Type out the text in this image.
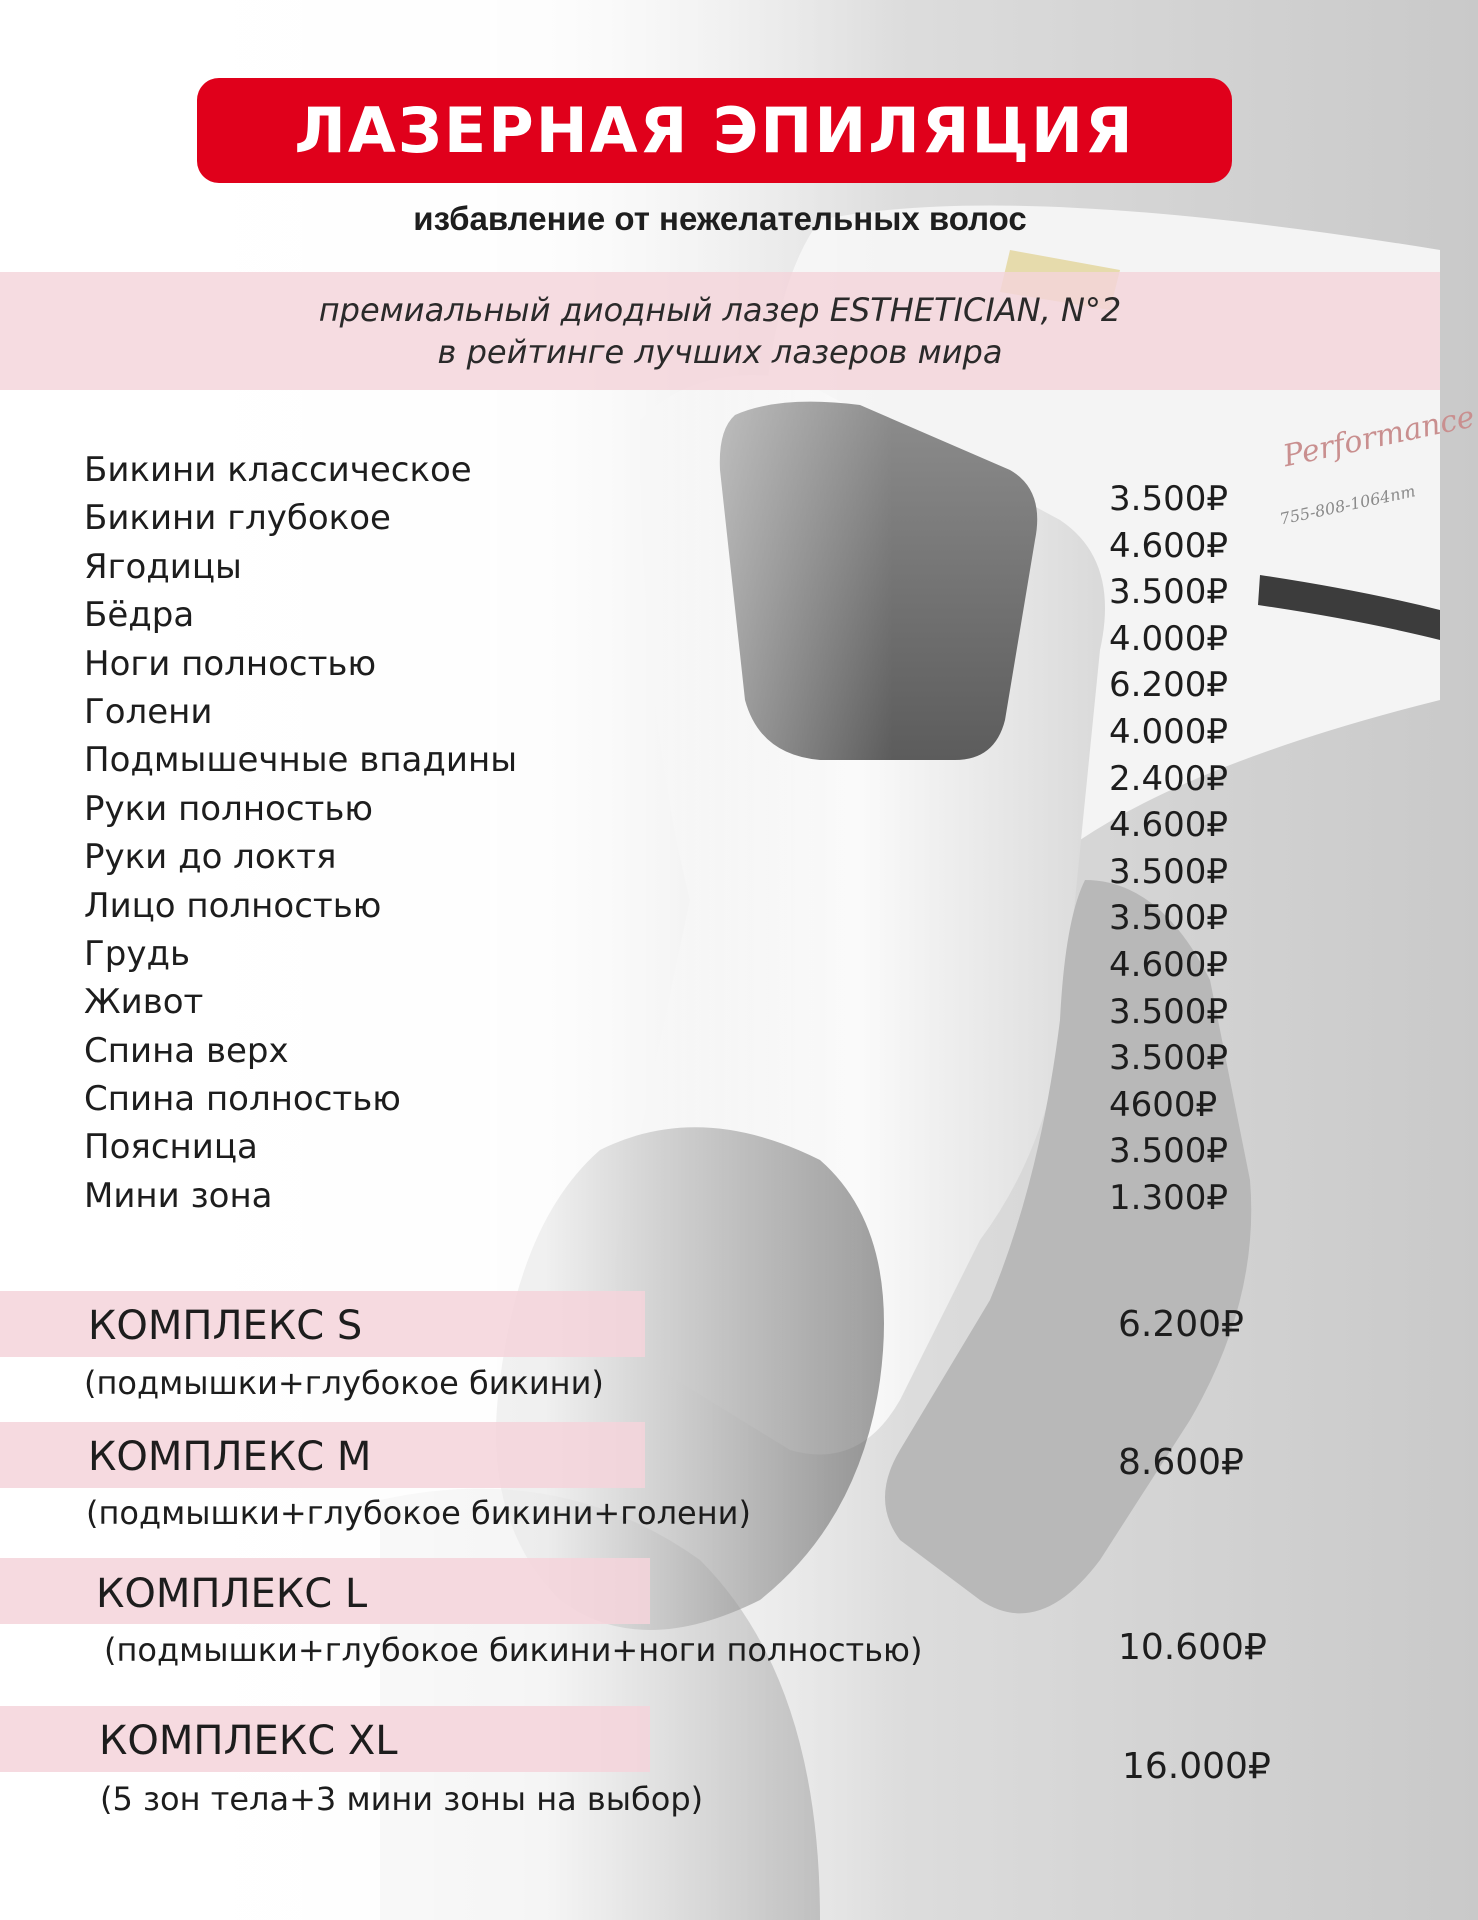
Performance
755-808-1064nm
ЛАЗЕРНАЯ ЭПИЛЯЦИЯ
избавление от нежелательных волос
премиальный диодный лазер ESTHETICIAN, N°2
в рейтинге лучших лазеров мира
Бикини классическое
Бикини глубокое
Ягодицы
Бёдра
Ноги полностью
Голени
Подмышечные впадины
Руки полностью
Руки до локтя
Лицо полностью
Грудь
Живот
Спина верх
Спина полностью
Поясница
Мини зона
3.500₽
4.600₽
3.500₽
4.000₽
6.200₽
4.000₽
2.400₽
4.600₽
3.500₽
3.500₽
4.600₽
3.500₽
3.500₽
4600₽
3.500₽
1.300₽
КОМПЛЕКС S
(подмышки+глубокое бикини)
6.200₽
КОМПЛЕКС M
(подмышки+глубокое бикини+голени)
8.600₽
КОМПЛЕКС L
(подмышки+глубокое бикини+ноги полностью)	10.600₽
КОМПЛЕКС XL
(5 зон тела+3 мини зоны на выбор)
16.000₽
